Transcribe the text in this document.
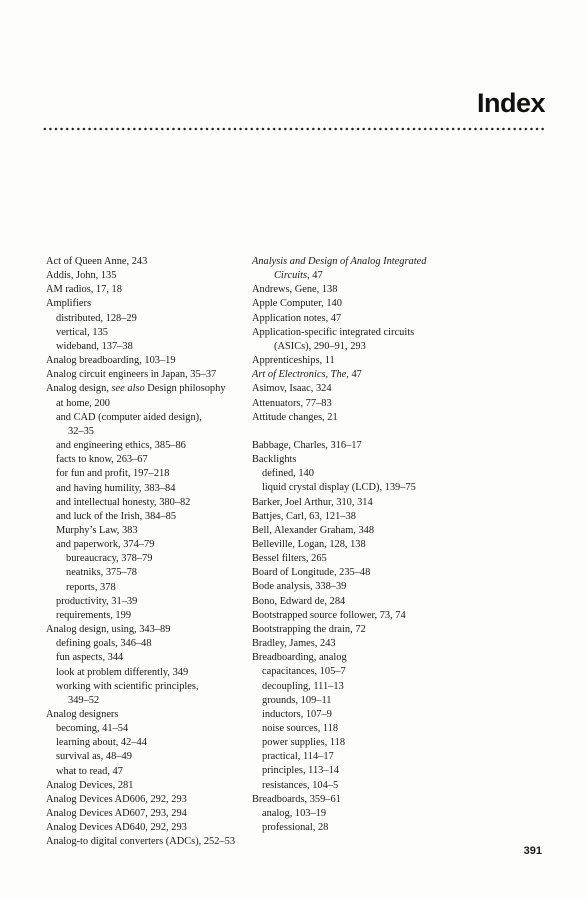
Index
Act of Queen Anne, 243
Addis, John, 135
AM radios, 17, 18
Amplifiers
distributed, 128–29
vertical, 135
wideband, 137–38
Analog breadboarding, 103–19
Analog circuit engineers in Japan, 35–37
Analog design, see also Design philosophy
at home, 200
and CAD (computer aided design),
32–35
and engineering ethics, 385–86
facts to know, 263–67
for fun and profit, 197–218
and having humility, 383–84
and intellectual honesty, 380–82
and luck of the Irish, 384–85
Murphy’s Law, 383
and paperwork, 374–79
bureaucracy, 378–79
neatniks, 375–78
reports, 378
productivity, 31–39
requirements, 199
Analog design, using, 343–89
defining goals, 346–48
fun aspects, 344
look at problem differently, 349
working with scientific principles,
349–52
Analog designers
becoming, 41–54
learning about, 42–44
survival as, 48–49
what to read, 47
Analog Devices, 281
Analog Devices AD606, 292, 293
Analog Devices AD607, 293, 294
Analog Devices AD640, 292, 293
Analog-to digital converters (ADCs), 252–53
Analysis and Design of Analog Integrated
Circuits, 47
Andrews, Gene, 138
Apple Computer, 140
Application notes, 47
Application-specific integrated circuits
(ASICs), 290–91, 293
Apprenticeships, 11
Art of Electronics, The, 47
Asimov, Isaac, 324
Attenuators, 77–83
Attitude changes, 21
Babbage, Charles, 316–17
Backlights
defined, 140
liquid crystal display (LCD), 139–75
Barker, Joel Arthur, 310, 314
Battjes, Carl, 63, 121–38
Bell, Alexander Graham, 348
Belleville, Logan, 128, 138
Bessel filters, 265
Board of Longitude, 235–48
Bode analysis, 338–39
Bono, Edward de, 284
Bootstrapped source follower, 73, 74
Bootstrapping the drain, 72
Bradley, James, 243
Breadboarding, analog
capacitances, 105–7
decoupling, 111–13
grounds, 109–11
inductors, 107–9
noise sources, 118
power supplies, 118
practical, 114–17
principles, 113–14
resistances, 104–5
Breadboards, 359–61
analog, 103–19
professional, 28
391
